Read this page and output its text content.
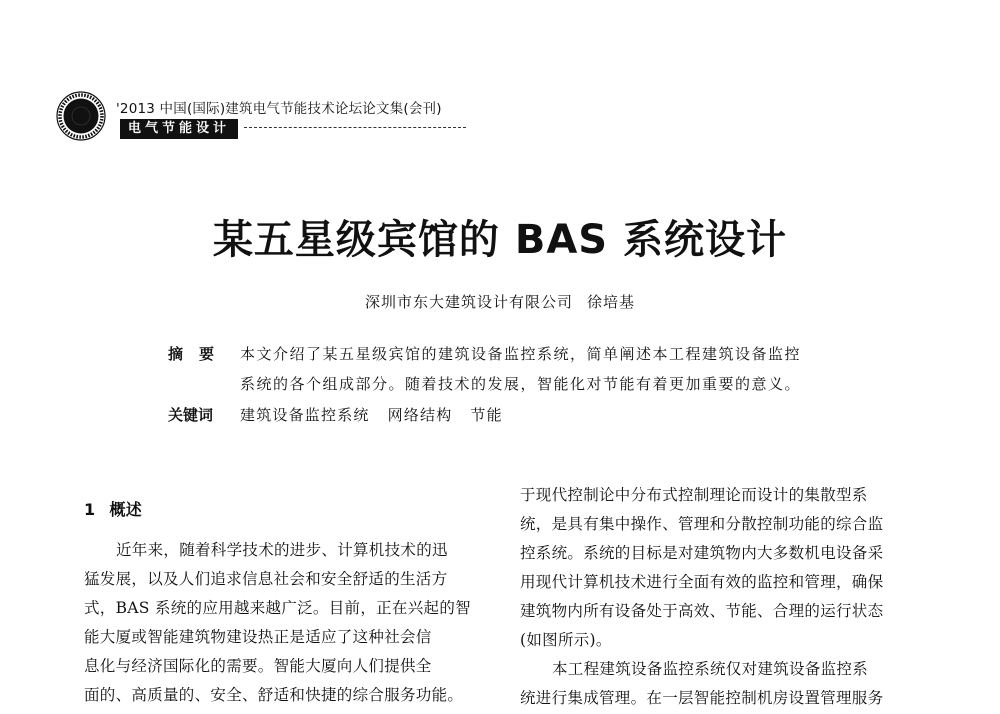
'2013 中国(国际)建筑电气节能技术论坛论文集(会刊)
电气节能设计
某五星级宾馆的 BAS 系统设计
深圳市东大建筑设计有限公司 徐培基
摘要 本文介绍了某五星级宾馆的建筑设备监控系统，简单阐述本工程建筑设备监控
系统的各个组成部分。随着技术的发展，智能化对节能有着更加重要的意义。
关键词 建筑设备监控系统 网络结构 节能
1 概述
近年来，随着科学技术的进步、计算机技术的迅
猛发展，以及人们追求信息社会和安全舒适的生活方
式，BAS 系统的应用越来越广泛。目前，正在兴起的智
能大厦或智能建筑物建设热正是适应了这种社会信
息化与经济国际化的需要。智能大厦向人们提供全
面的、高质量的、安全、舒适和快捷的综合服务功能。
于现代控制论中分布式控制理论而设计的集散型系
统，是具有集中操作、管理和分散控制功能的综合监
控系统。系统的目标是对建筑物内大多数机电设备采
用现代计算机技术进行全面有效的监控和管理，确保
建筑物内所有设备处于高效、节能、合理的运行状态
(如图所示)。
本工程建筑设备监控系统仅对建筑设备监控系
统进行集成管理。在一层智能控制机房设置管理服务
